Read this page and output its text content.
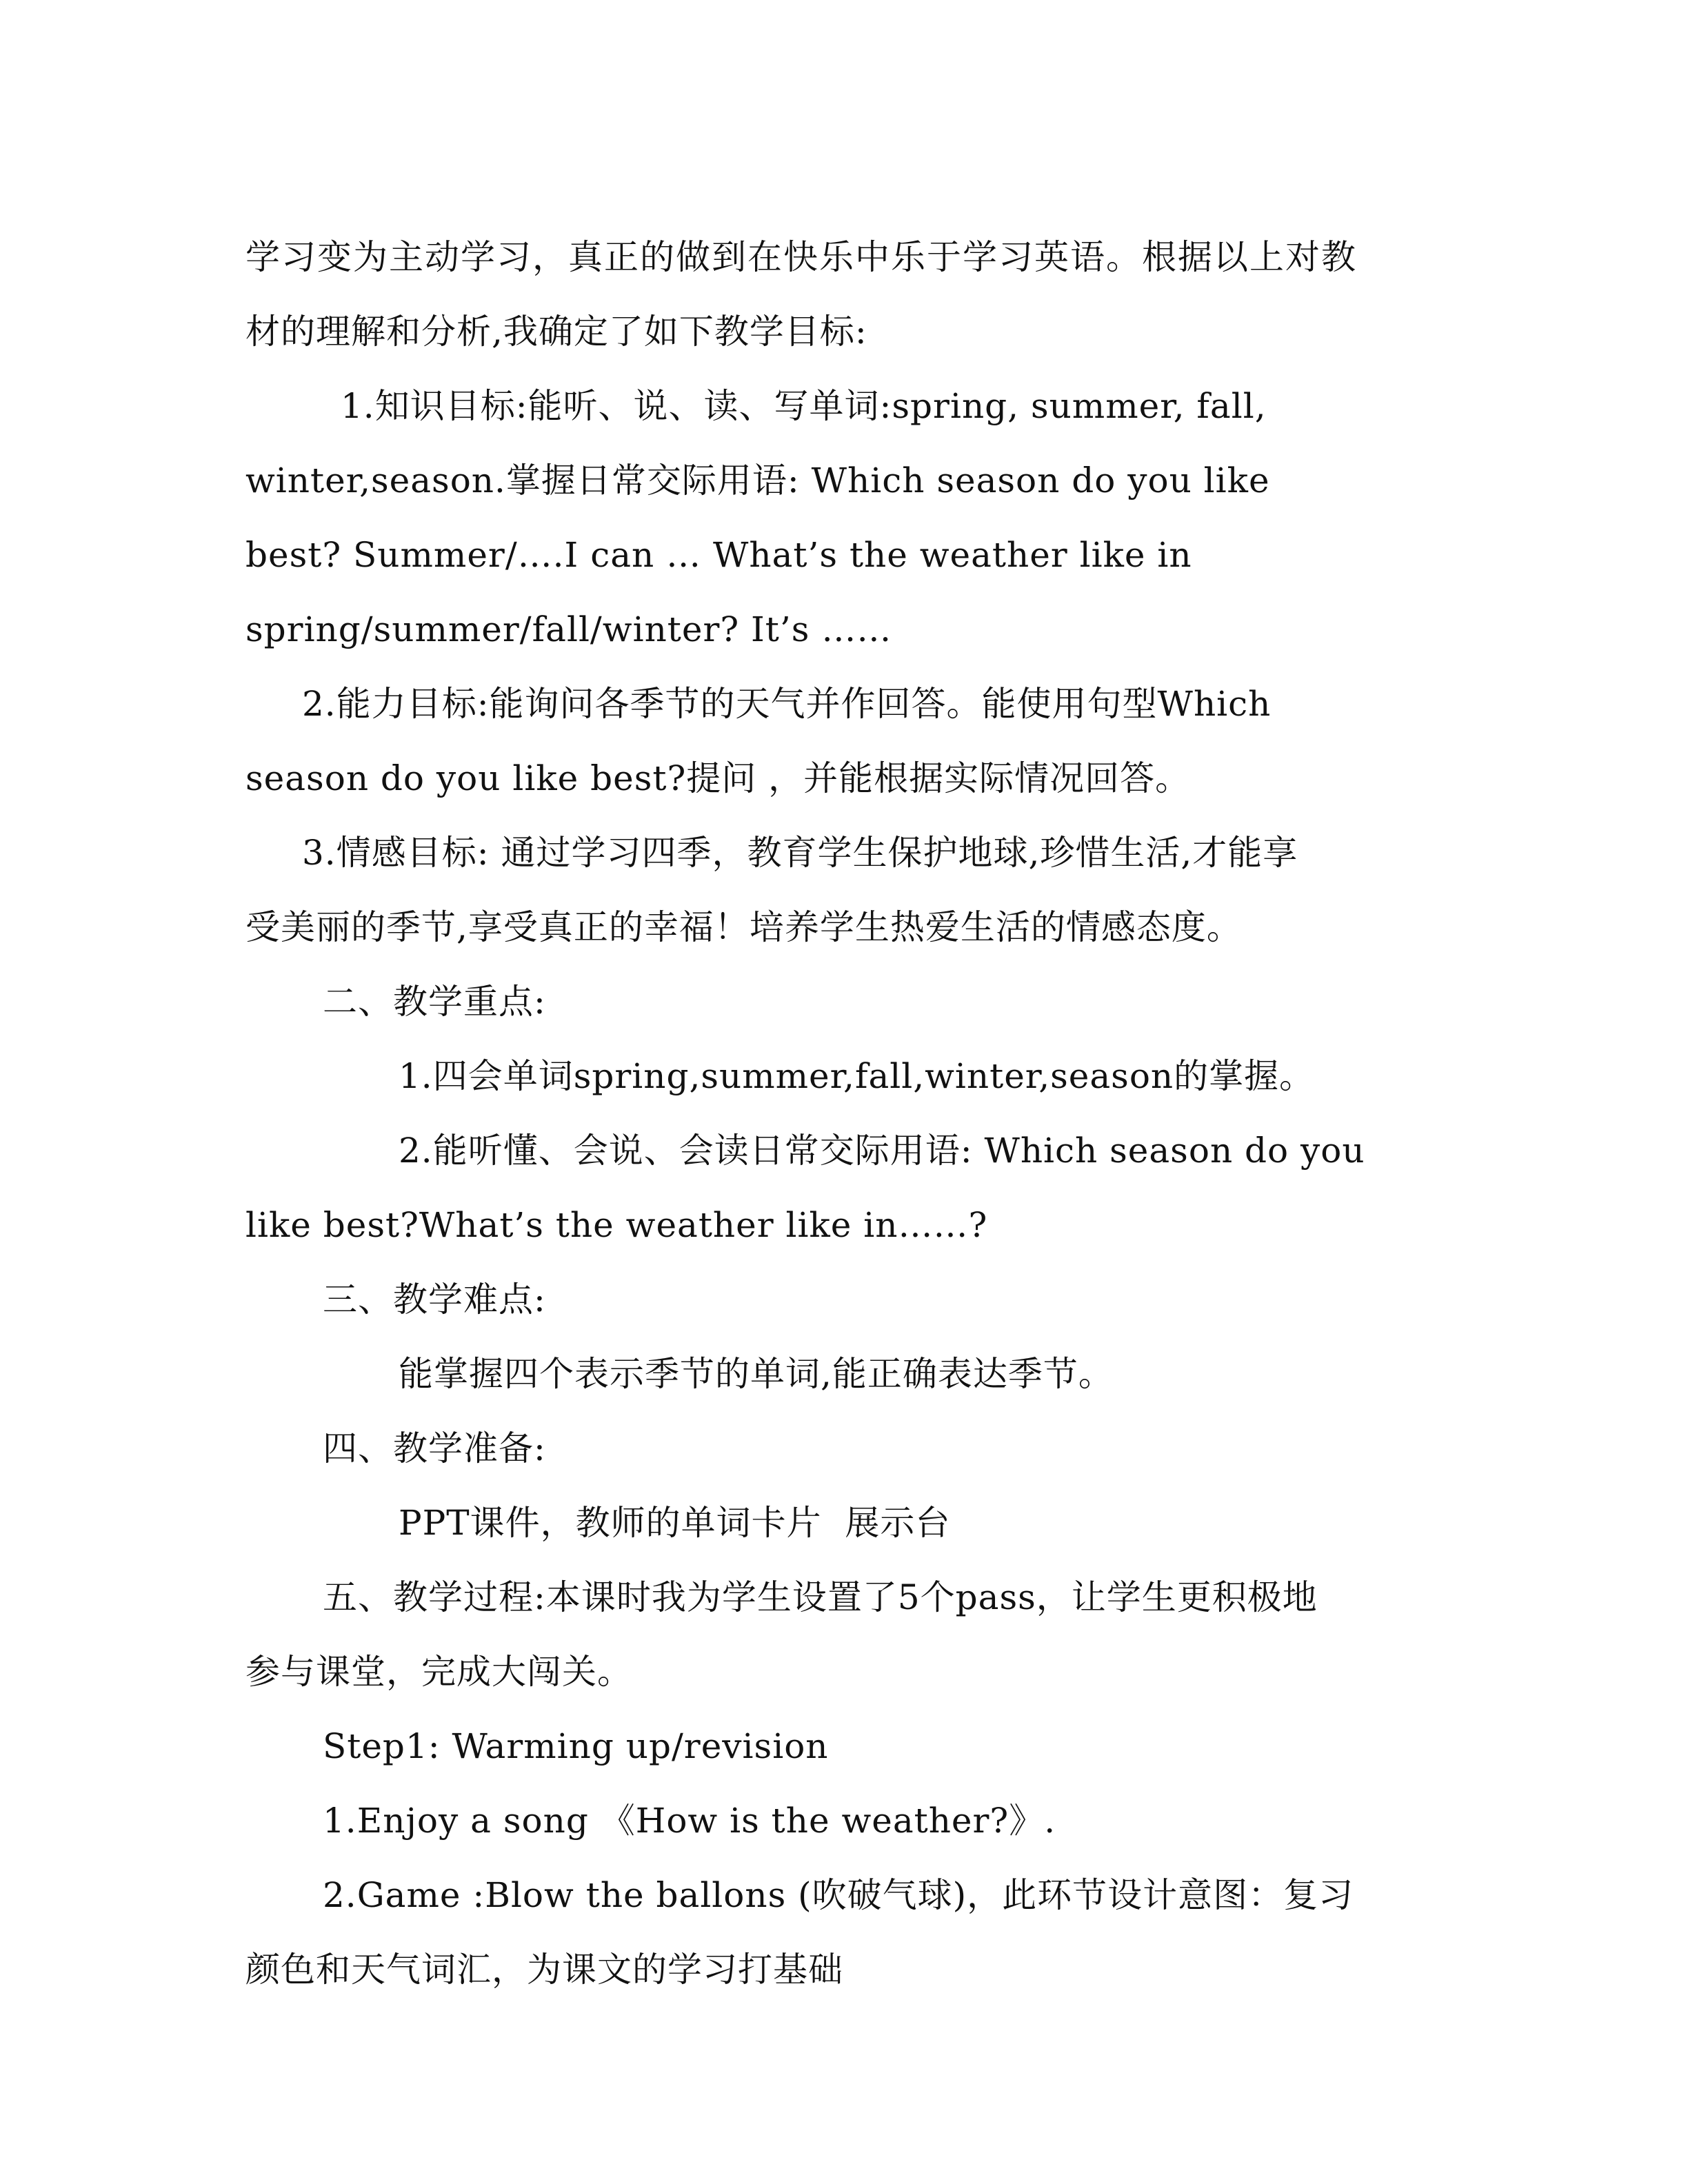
学习变为主动学习，真正的做到在快乐中乐于学习英语。根据以上对教

材的理解和分析,我确定了如下教学目标:

1.知识目标:能听、说、读、写单词:spring, summer, fall,

winter,season.掌握日常交际用语: Which season do you like

best? Summer/….I can … What’s the weather like in

spring/summer/fall/winter? It’s ……

2.能力目标:能询问各季节的天气并作回答。能使用句型Which

season do you like best?提问 ，并能根据实际情况回答。

3.情感目标: 通过学习四季，教育学生保护地球,珍惜生活,才能享

受美丽的季节,享受真正的幸福！培养学生热爱生活的情感态度。

二、教学重点:

1.四会单词spring,summer,fall,winter,season的掌握。

2.能听懂、会说、会读日常交际用语: Which season do you

like best?What’s the weather like in……?

三、教学难点:

能掌握四个表示季节的单词,能正确表达季节。

四、教学准备:

PPT课件，教师的单词卡片  展示台

五、教学过程:本课时我为学生设置了5个pass，让学生更积极地

参与课堂，完成大闯关。

Step1: Warming up/revision

1.Enjoy a song 《How is the weather?》.

2.Game :Blow the ballons (吹破气球)，此环节设计意图：复习

颜色和天气词汇，为课文的学习打基础
